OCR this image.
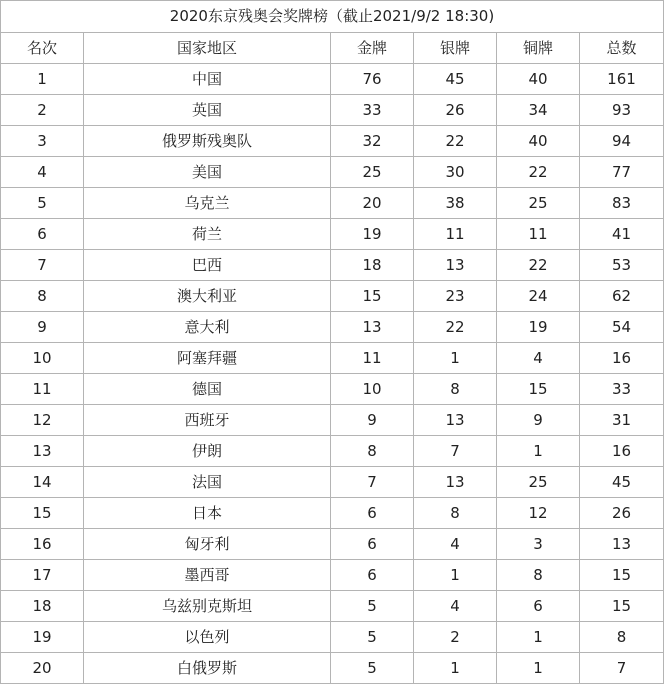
2020东京残奥会奖牌榜（截止2021/9/2 18:30)
名次	国家地区	金牌	银牌	铜牌	总数
1	中国	76	45	40	161
2	英国	33	26	34	93
3	俄罗斯残奥队	32	22	40	94
4	美国	25	30	22	77
5	乌克兰	20	38	25	83
6	荷兰	19	11	11	41
7	巴西	18	13	22	53
8	澳大利亚	15	23	24	62
9	意大利	13	22	19	54
10	阿塞拜疆	11	1	4	16
11	德国	10	8	15	33
12	西班牙	9	13	9	31
13	伊朗	8	7	1	16
14	法国	7	13	25	45
15	日本	6	8	12	26
16	匈牙利	6	4	3	13
17	墨西哥	6	1	8	15
18	乌兹别克斯坦	5	4	6	15
19	以色列	5	2	1	8
20	白俄罗斯	5	1	1	7
